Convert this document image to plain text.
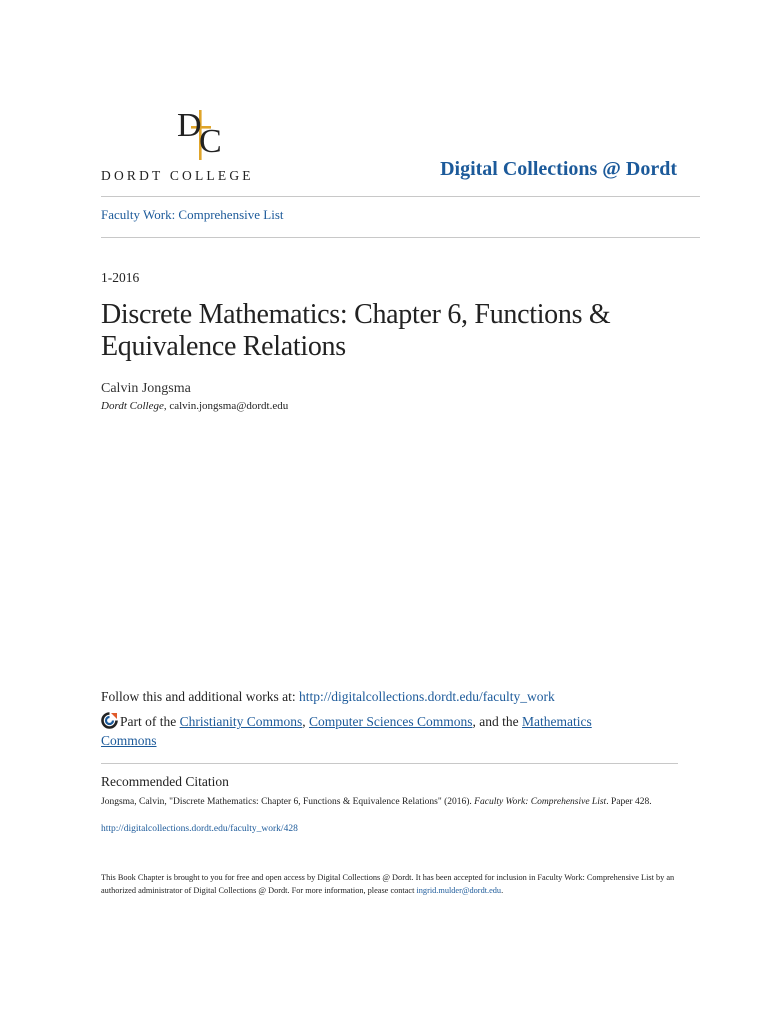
D
C
DORDT COLLEGE	Digital Collections @ Dordt
Faculty Work: Comprehensive List
1-2016
Discrete Mathematics: Chapter 6, Functions & Equivalence Relations
Calvin Jongsma
Dordt College, calvin.jongsma@dordt.edu
Follow this and additional works at: http://digitalcollections.dordt.edu/faculty_work
Part of the Christianity Commons, Computer Sciences Commons, and the Mathematics Commons
Recommended Citation
Jongsma, Calvin, "Discrete Mathematics: Chapter 6, Functions & Equivalence Relations" (2016). Faculty Work: Comprehensive List. Paper 428.
http://digitalcollections.dordt.edu/faculty_work/428
This Book Chapter is brought to you for free and open access by Digital Collections @ Dordt. It has been accepted for inclusion in Faculty Work: Comprehensive List by an authorized administrator of Digital Collections @ Dordt. For more information, please contact ingrid.mulder@dordt.edu.
